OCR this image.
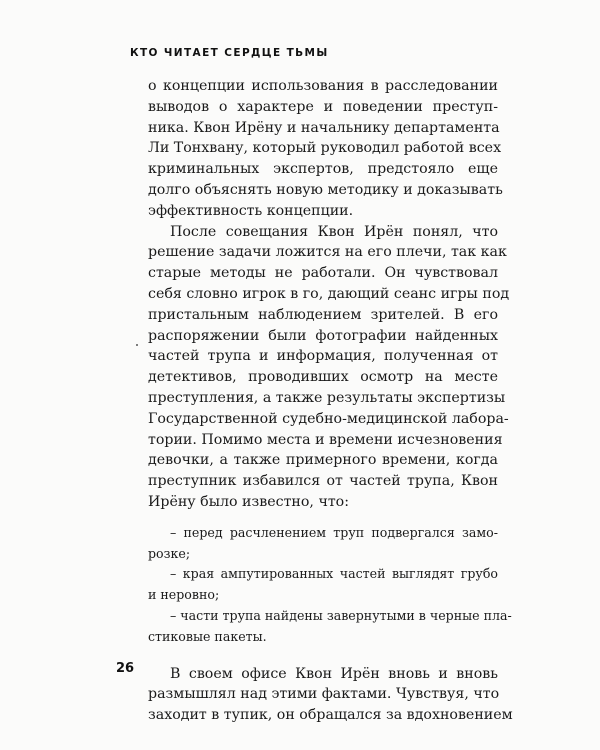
КТО ЧИТАЕТ СЕРДЦЕ ТЬМЫ
о концепции использования в расследовании
выводов о характере и поведении преступ-
ника. Квон Ирёну и начальнику департамента
Ли Тонхвану, который руководил работой всех
криминальных экспертов, предстояло еще
долго объяснять новую методику и доказывать
эффективность концепции.
После совещания Квон Ирён понял, что
решение задачи ложится на его плечи, так как
старые методы не работали. Он чувствовал
себя словно игрок в го, дающий сеанс игры под
пристальным наблюдением зрителей. В его
распоряжении были фотографии найденных
частей трупа и информация, полученная от
детективов, проводивших осмотр на месте
преступления, а также результаты экспертизы
Государственной судебно-медицинской лабора-
тории. Помимо места и времени исчезновения
девочки, а также примерного времени, когда
преступник избавился от частей трупа, Квон
Ирёну было известно, что:
– перед расчленением труп подвергался замо-
розке;
– края ампутированных частей выглядят грубо
и неровно;
– части трупа найдены завернутыми в черные пла-
стиковые пакеты.
В своем офисе Квон Ирён вновь и вновь
размышлял над этими фактами. Чувствуя, что
заходит в тупик, он обращался за вдохновением
26
